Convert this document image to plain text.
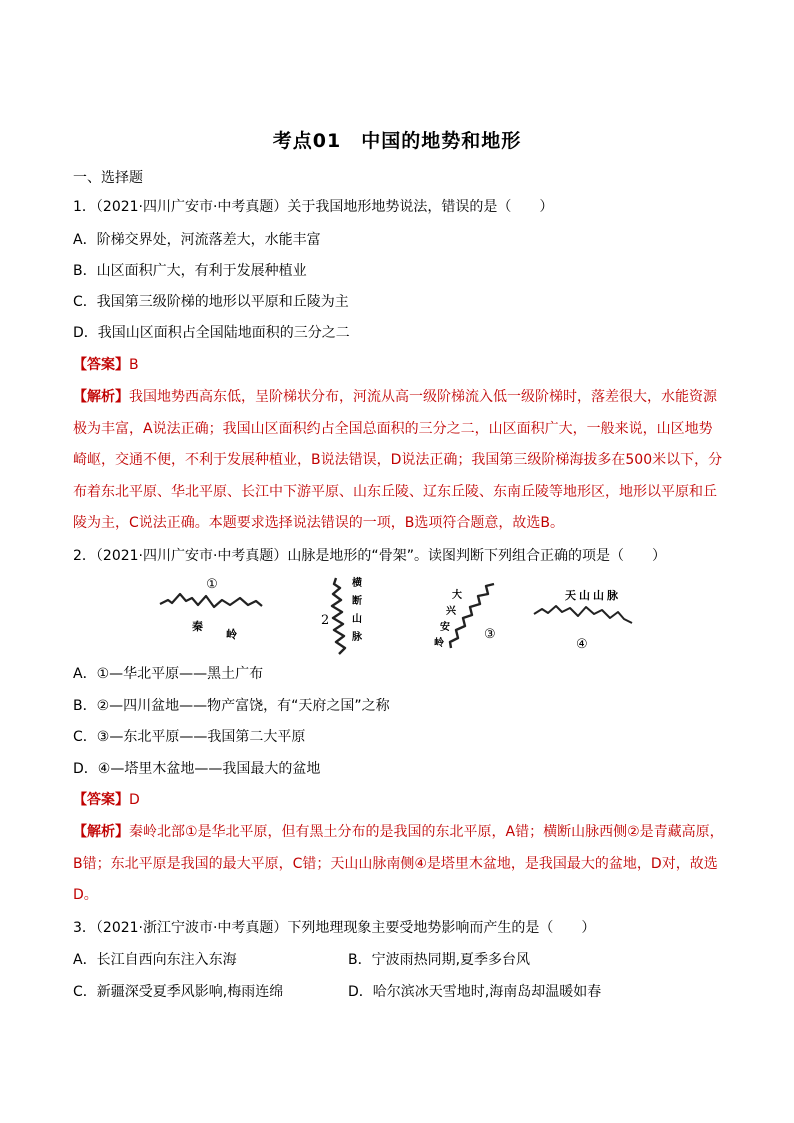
考点01　中国的地势和地形
一、选择题
1．（2021·四川广安市·中考真题）关于我国地形地势说法，错误的是（　　）
A．阶梯交界处，河流落差大，水能丰富
B．山区面积广大，有利于发展种植业
C．我国第三级阶梯的地形以平原和丘陵为主
D．我国山区面积占全国陆地面积的三分之二
【答案】B
【解析】我国地势西高东低，呈阶梯状分布，河流从高一级阶梯流入低一级阶梯时，落差很大，水能资源
极为丰富，A说法正确；我国山区面积约占全国总面积的三分之二，山区面积广大，一般来说，山区地势
崎岖，交通不便，不利于发展种植业，B说法错误，D说法正确；我国第三级阶梯海拔多在500米以下，分
布着东北平原、华北平原、长江中下游平原、山东丘陵、辽东丘陵、东南丘陵等地形区，地形以平原和丘
陵为主，C说法正确。本题要求选择说法错误的一项，B选项符合题意，故选B。
2．（2021·四川广安市·中考真题）山脉是地形的“骨架”。读图判断下列组合正确的项是（　　）
①
秦
岭
2
横
断
山
脉
大
兴
安
岭
③
天山山脉
④
A．①—华北平原——黑土广布
B．②—四川盆地——物产富饶，有“天府之国”之称
C．③—东北平原——我国第二大平原
D．④—塔里木盆地——我国最大的盆地
【答案】D
【解析】秦岭北部①是华北平原，但有黑土分布的是我国的东北平原，A错；横断山脉西侧②是青藏高原，
B错；东北平原是我国的最大平原，C错；天山山脉南侧④是塔里木盆地，是我国最大的盆地，D对，故选
D。
3．（2021·浙江宁波市·中考真题）下列地理现象主要受地势影响而产生的是（　　）
A．长江自西向东注入东海	B．宁波雨热同期,夏季多台风
C．新疆深受夏季风影响,梅雨连绵	D．哈尔滨冰天雪地时,海南岛却温暖如春
